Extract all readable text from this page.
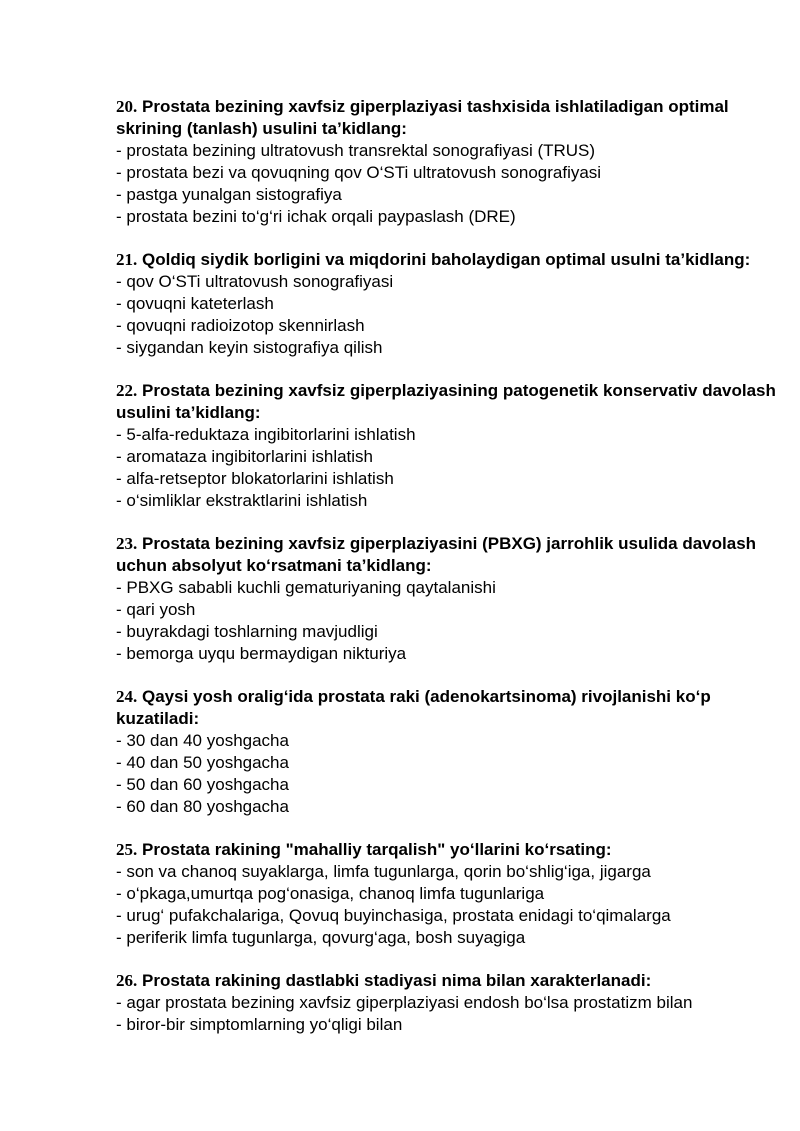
20. Prostata bezining xavfsiz giperplaziyasi tashxisida ishlatiladigan optimal skrining (tanlash) usulini ta’kidlang:

- prostata bezining ultratovush transrektal sonografiyasi (TRUS)
- prostata bezi va qovuqning qov O‘STi ultratovush sonografiyasi
- pastga yunalgan sistografiya
- prostata bezini to‘g‘ri ichak orqali paypaslash (DRE)

21. Qoldiq siydik borligini va miqdorini baholaydigan optimal usulni ta’kidlang:

- qov O‘STi ultratovush sonografiyasi
- qovuqni kateterlash
- qovuqni radioizotop skennirlash
- siygandan keyin sistografiya qilish

22. Prostata bezining xavfsiz giperplaziyasining patogenetik konservativ davolash usulini ta’kidlang:

- 5-alfa-reduktaza ingibitorlarini ishlatish
- aromataza ingibitorlarini ishlatish
- alfa-retseptor blokatorlarini ishlatish
- o‘simliklar ekstraktlarini ishlatish

23. Prostata bezining xavfsiz giperplaziyasini (PBXG) jarrohlik usulida davolash uchun absolyut ko‘rsatmani ta’kidlang:

- PBXG sababli kuchli gematuriyaning qaytalanishi
- qari yosh
- buyrakdagi toshlarning mavjudligi
- bemorga uyqu bermaydigan nikturiya

24. Qaysi yosh oralig‘ida prostata raki (adenokartsinoma) rivojlanishi ko‘p kuzatiladi:

- 30 dan 40 yoshgacha
- 40 dan 50 yoshgacha
- 50 dan 60 yoshgacha
- 60 dan 80 yoshgacha

25. Prostata rakining "mahalliy tarqalish" yo‘llarini ko‘rsating:

- son va chanoq suyaklarga, limfa tugunlarga, qorin bo‘shlig‘iga, jigarga
- o‘pkaga,umurtqa pog‘onasiga, chanoq limfa tugunlariga
- urug‘ pufakchalariga, Qovuq buyinchasiga, prostata enidagi to‘qimalarga
- periferik limfa tugunlarga, qovurg‘aga, bosh suyagiga

26. Prostata rakining dastlabki stadiyasi nima bilan xarakterlanadi:

- agar prostata bezining xavfsiz giperplaziyasi endosh bo‘lsa prostatizm bilan
- biror-bir simptomlarning yo‘qligi bilan
